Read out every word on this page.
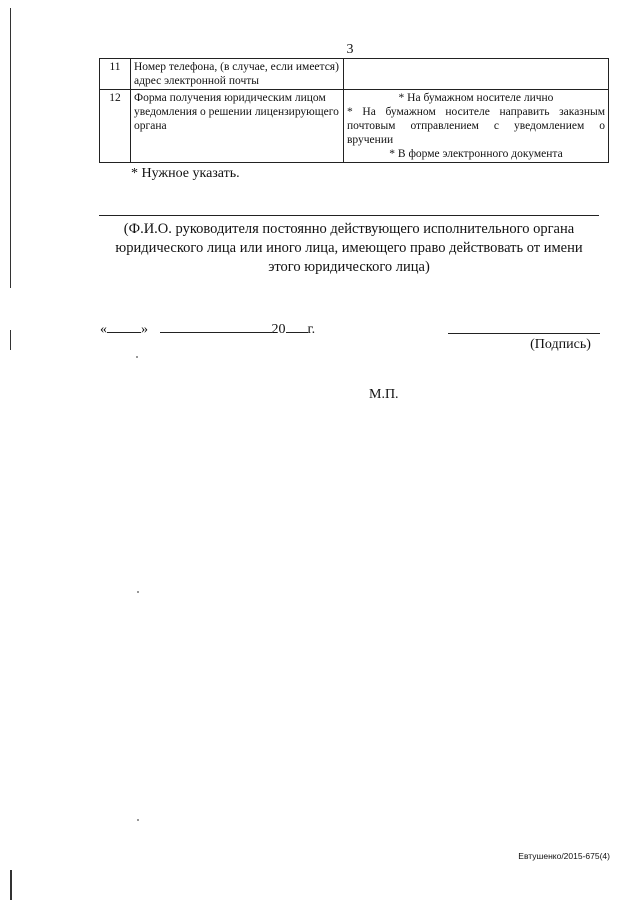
3
11	Номер телефона, (в случае, если имеется) адрес электронной почты	
12	Форма получения юридическим лицом уведомления о решении лицензирующего органа	* На бумажном носителе лично
* На бумажном носителе направить заказным почтовым отправлением с уведомлением о вручении
* В форме электронного документа
* Нужное указать.
(Ф.И.О. руководителя постоянно действующего исполнительного органа юридического лица или иного лица, имеющего право действовать от имени этого юридического лица)
« »	20 г.
(Подпись)
М.П.
Евтушенко/2015-675(4)
